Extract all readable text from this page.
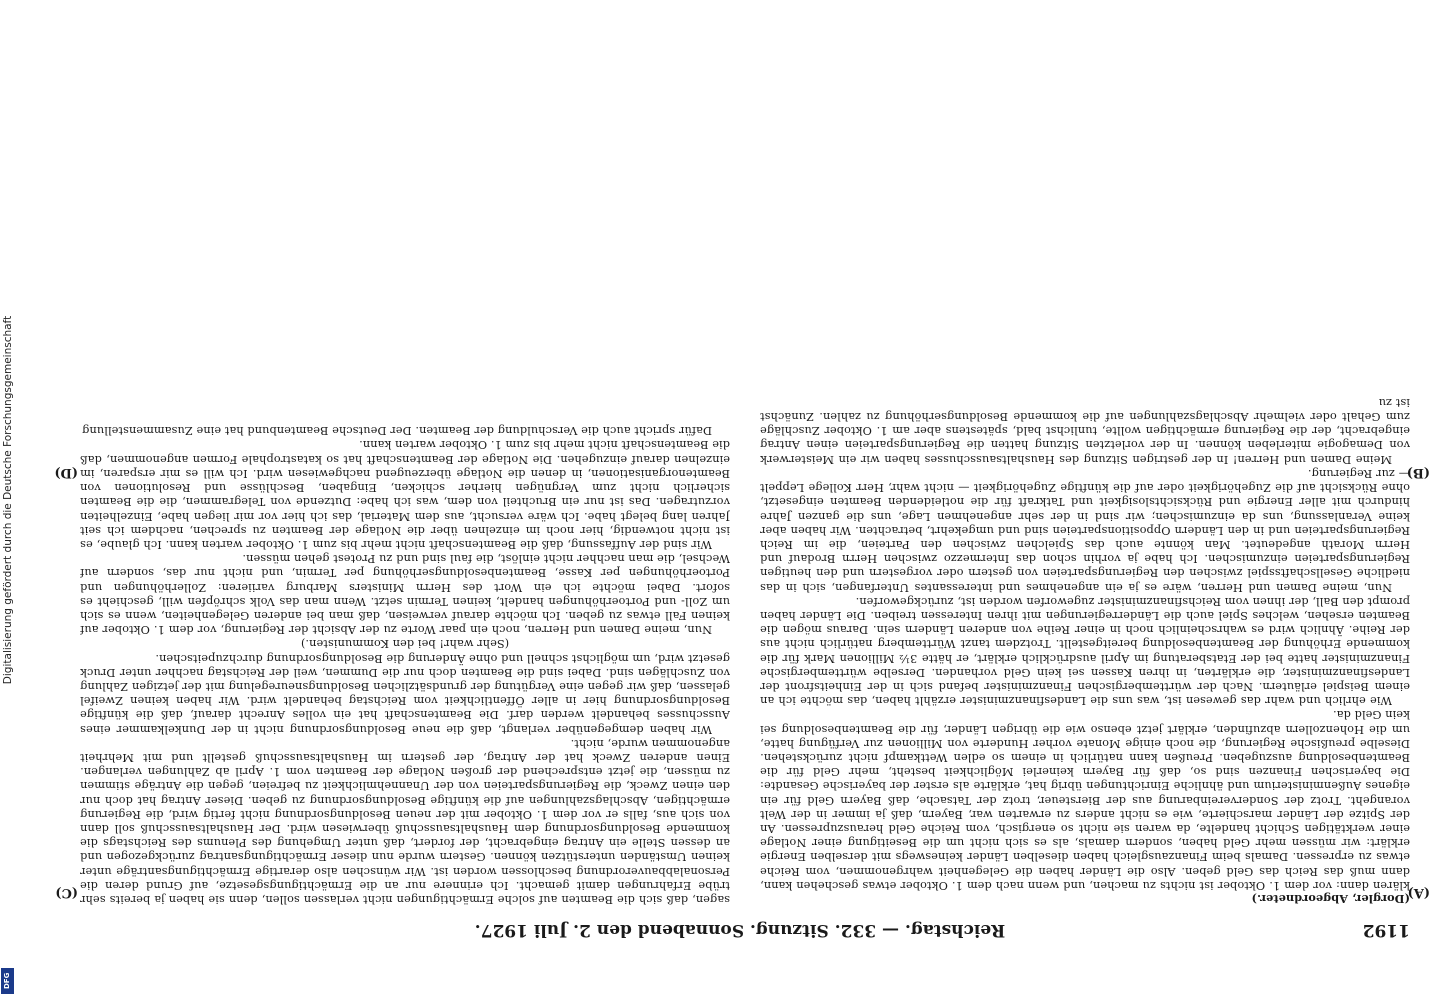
1192
Reichstag. — 332. Sitzung. Sonnabend den 2. Juli 1927.
(A)
(B)
(C)
(D)

(Dorgler, Abgeordneter.)

klären dann: vor dem 1. Oktober ist nichts zu machen, und wenn nach dem 1. Oktober etwas geschehen kann, dann muß das Reich das Geld geben. Also die Länder haben die Gelegenheit wahrgenommen, vom Reiche etwas zu erpressen. Damals beim Finanzausgleich haben dieselben Länder keineswegs mit derselben Energie erklärt: wir müssen mehr Geld haben, sondern damals, als es sich nicht um die Beseitigung einer Notlage einer werktätigen Schicht handelte, da waren sie nicht so energisch, vom Reiche Geld herauszupressen. An der Spitze der Länder marschierte, wie es nicht anders zu erwarten war, Bayern, daß ja immer in der Welt vorangeht. Trotz der Sondervereinbarung aus der Biersteuer, trotz der Tatsache, daß Bayern Geld für ein eigenes Außenministerium und ähnliche Einrichtungen übrig hat, erklärte als erster der bayerische Gesandte: Die bayerischen Finanzen sind so, daß für Bayern keinerlei Möglichkeit besteht, mehr Geld für die Beamtenbesoldung auszugeben. Preußen kann natürlich in einem so edlen Wettkampf nicht zurückstehen. Dieselbe preußische Regierung, die noch einige Monate vorher Hunderte von Millionen zur Verfügung hatte, um die Hohenzollern abzufinden, erklärt jetzt ebenso wie die übrigen Länder, für die Beamtenbesoldung sei kein Geld da.

Wie ehrlich und wahr das gewesen ist, was uns die Landesfinanzminister erzählt haben, das möchte ich an einem Beispiel erläutern. Nach der württembergischen Finanzminister befand sich in der Einheitsfront der Landesfinanzminister, die erklärten, in ihren Kassen sei kein Geld vorhanden. Derselbe württembergische Finanzminister hatte bei der Etatsberatung im April ausdrücklich erklärt, er hätte 3½ Millionen Mark für die kommende Erhöhung der Beamtenbesoldung bereitgestellt. Trotzdem tanzt Württemberg natürlich nicht aus der Reihe. Ähnlich wird es wahrscheinlich noch in einer Reihe von anderen Ländern sein. Daraus mögen die Beamten ersehen, welches Spiel auch die Länderregierungen mit ihren Interessen treiben. Die Länder haben prompt den Ball, der ihnen vom Reichsfinanzminister zugeworfen worden ist, zurückgeworfen.

Nun, meine Damen und Herren, wäre es ja ein angenehmes und interessantes Unterfangen, sich in das niedliche Gesellschaftsspiel zwischen den Regierungsparteien von gestern oder vorgestern und den heutigen Regierungsparteien einzumischen. Ich habe ja vorhin schon das Intermezzo zwischen Herrn Brodauf und Herrn Morath angedeutet. Man könnte auch das Spielchen zwischen den Parteien, die im Reich Regierungsparteien und in den Ländern Oppositionsparteien sind und umgekehrt, betrachten. Wir haben aber keine Veranlassung, uns da einzumischen; wir sind in der sehr angenehmen Lage, uns die ganzen Jahre hindurch mit aller Energie und Rücksichtslosigkeit und Tatkraft für die notleidenden Beamten eingesetzt, ohne Rücksicht auf die Zugehörigkeit oder auf die künftige Zugehörigkeit — nicht wahr, Herr Kollege Leppelt — zur Regierung.

Meine Damen und Herren! In der gestrigen Sitzung des Haushaltsausschusses haben wir ein Meisterwerk von Demagogie miterleben können. In der vorletzten Sitzung hatten die Regierungsparteien einen Antrag eingebracht, der die Regierung ermächtigen wollte, tunlichst bald, spätestens aber am 1. Oktober Zuschläge zum Gehalt oder vielmehr Abschlagszahlungen auf die kommende Besoldungserhöhung zu zahlen. Zunächst ist zu

sagen, daß sich die Beamten auf solche Ermächtigungen nicht verlassen sollen, denn sie haben ja bereits sehr trübe Erfahrungen damit gemacht. Ich erinnere nur an die Ermächtigungsgesetze, auf Grund deren die Personalabbauverordnung beschlossen worden ist. Wir wünschen also derartige Ermächtigungsanträge unter keinen Umständen unterstützen können. Gestern wurde nun dieser Ermächtigungsantrag zurückgezogen und an dessen Stelle ein Antrag eingebracht, der fordert, daß unter Umgehung des Plenums des Reichstags die kommende Besoldungsordnung dem Haushaltsausschuß überwiesen wird. Der Haushaltsausschuß soll dann von sich aus, falls er vor dem 1. Oktober mit der neuen Besoldungsordnung nicht fertig wird, die Regierung ermächtigen, Abschlagszahlungen auf die künftige Besoldungsordnung zu geben. Dieser Antrag hat doch nur den einen Zweck, die Regierungsparteien von der Unannehmlichkeit zu befreien, gegen die Anträge stimmen zu müssen, die jetzt entsprechend der großen Notlage der Beamten vom 1. April ab Zahlungen verlangen. Einen anderen Zweck hat der Antrag, der gestern im Haushaltsausschuß gestellt und mit Mehrheit angenommen wurde, nicht.

Wir haben demgegenüber verlangt, daß die neue Besoldungsordnung nicht in der Dunkelkammer eines Ausschusses behandelt werden darf. Die Beamtenschaft hat ein volles Anrecht darauf, daß die künftige Besoldungsordnung hier in aller Öffentlichkeit vom Reichstag behandelt wird. Wir haben keinen Zweifel gelassen, daß wir gegen eine Vergütung der grundsätzlichen Besoldungsneuregelung mit der jetzigen Zahlung von Zuschlägen sind. Dabei sind die Beamten doch nur die Dummen, weil der Reichstag nachher unter Druck gesetzt wird, um möglichst schnell und ohne Änderung die Besoldungsordnung durchzupeitschen.

(Sehr wahr! bei den Kommunisten.)

Nun, meine Damen und Herren, noch ein paar Worte zu der Absicht der Regierung, vor dem 1. Oktober auf keinen Fall etwas zu geben. Ich möchte darauf verweisen, daß man bei anderen Gelegenheiten, wenn es sich um Zoll- und Portoerhöhungen handelt, keinen Termin setzt. Wenn man das Volk schröpfen will, geschieht es sofort. Dabei möchte ich ein Wort des Herrn Ministers Marburg variieren: Zollerhöhungen und Portoerhöhungen per Kasse, Beamtenbesoldungserhöhung per Termin, und nicht nur das, sondern auf Wechsel, die man nachher nicht einlöst, die faul sind und zu Protest gehen müssen.

Wir sind der Auffassung, daß die Beamtenschaft nicht mehr bis zum 1. Oktober warten kann. Ich glaube, es ist nicht notwendig, hier noch im einzelnen über die Notlage der Beamten zu sprechen, nachdem ich seit Jahren lang belegt habe. Ich wäre versucht, aus dem Material, das ich hier vor mir liegen habe, Einzelheiten vorzutragen. Das ist nur ein Bruchteil von dem, was ich habe: Dutzende von Telegrammen, die die Beamten sicherlich nicht zum Vergnügen hierher schicken, Eingaben, Beschlüsse und Resolutionen von Beamtenorganisationen, in denen die Notlage überzeugend nachgewiesen wird. Ich will es mir ersparen, im einzelnen darauf einzugehen. Die Notlage der Beamtenschaft hat so katastrophale Formen angenommen, daß die Beamtenschaft nicht mehr bis zum 1. Oktober warten kann.

Dafür spricht auch die Verschuldung der Beamten. Der Deutsche Beamtenbund hat eine Zusammenstellung

Digitalisierung gefördert durch die Deutsche Forschungsgemeinschaft
DFG
